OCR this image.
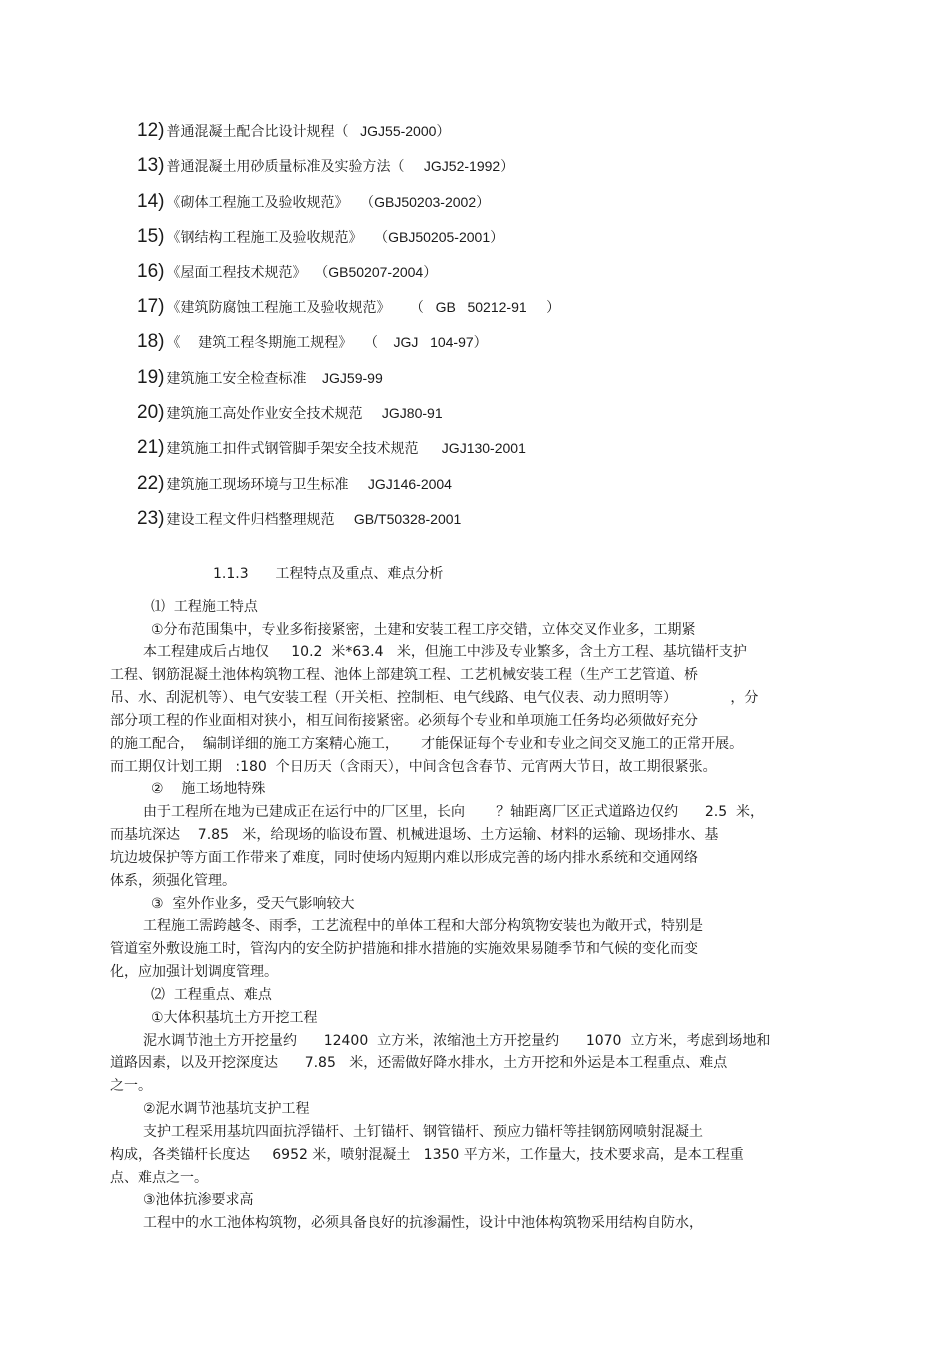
12) 普通混凝土配合比设计规程（   JGJ55-2000）
13) 普通混凝土用砂质量标准及实验方法（     JGJ52-1992）
14) 《砌体工程施工及验收规范》   （GBJ50203-2002）
15) 《钢结构工程施工及验收规范》   （GBJ50205-2001）
16) 《屋面工程技术规范》  （GB50207-2004）
17) 《建筑防腐蚀工程施工及验收规范》     （   GB   50212-91     ）
18) 《    建筑工程冬期施工规程》   （    JGJ   104-97）
19) 建筑施工安全检查标准    JGJ59-99
20) 建筑施工高处作业安全技术规范     JGJ80-91
21) 建筑施工扣件式钢管脚手架安全技术规范      JGJ130-2001
22) 建筑施工现场环境与卫生标准     JGJ146-2004
23) 建设工程文件归档整理规范     GB/T50328-2001
1.1.3      工程特点及重点、难点分析
⑴  工程施工特点
①分布范围集中，专业多衔接紧密，土建和安装工程工序交错，立体交叉作业多，工期紧
本工程建成后占地仅     10.2  米*63.4   米，但施工中涉及专业繁多，含土方工程、基坑锚杆支护
工程、钢筋混凝土池体构筑物工程、池体上部建筑工程、工艺机械安装工程（生产工艺管道、桥
吊、水、刮泥机等）、电气安装工程（开关柜、控制柜、电气线路、电气仪表、动力照明等）            ，分
部分项工程的作业面相对狭小，相互间衔接紧密。必须每个专业和单项施工任务均必须做好充分
的施工配合，  编制详细的施工方案精心施工，     才能保证每个专业和专业之间交叉施工的正常开展。
而工期仅计划工期   :180  个日历天（含雨天），中间含包含春节、元宵两大节日，故工期很紧张。
②    施工场地特殊
由于工程所在地为已建成正在运行中的厂区里，长向       ？轴距离厂区正式道路边仅约      2.5  米，
而基坑深达    7.85   米，给现场的临设布置、机械进退场、土方运输、材料的运输、现场排水、基
坑边坡保护等方面工作带来了难度，同时使场内短期内难以形成完善的场内排水系统和交通网络
体系，须强化管理。
③  室外作业多，受天气影响较大
工程施工需跨越冬、雨季，工艺流程中的单体工程和大部分构筑物安装也为敞开式，特别是
管道室外敷设施工时，管沟内的安全防护措施和排水措施的实施效果易随季节和气候的变化而变
化，应加强计划调度管理。
⑵  工程重点、难点
①大体积基坑土方开挖工程
泥水调节池土方开挖量约      12400  立方米，浓缩池土方开挖量约      1070  立方米，考虑到场地和
道路因素，以及开挖深度达      7.85   米，还需做好降水排水，土方开挖和外运是本工程重点、难点
之一。
②泥水调节池基坑支护工程
支护工程采用基坑四面抗浮锚杆、土钉锚杆、钢管锚杆、预应力锚杆等挂钢筋网喷射混凝土
构成，各类锚杆长度达     6952 米，喷射混凝土   1350 平方米，工作量大，技术要求高，是本工程重
点、难点之一。
③池体抗渗要求高
工程中的水工池体构筑物，必须具备良好的抗渗漏性，设计中池体构筑物采用结构自防水，
